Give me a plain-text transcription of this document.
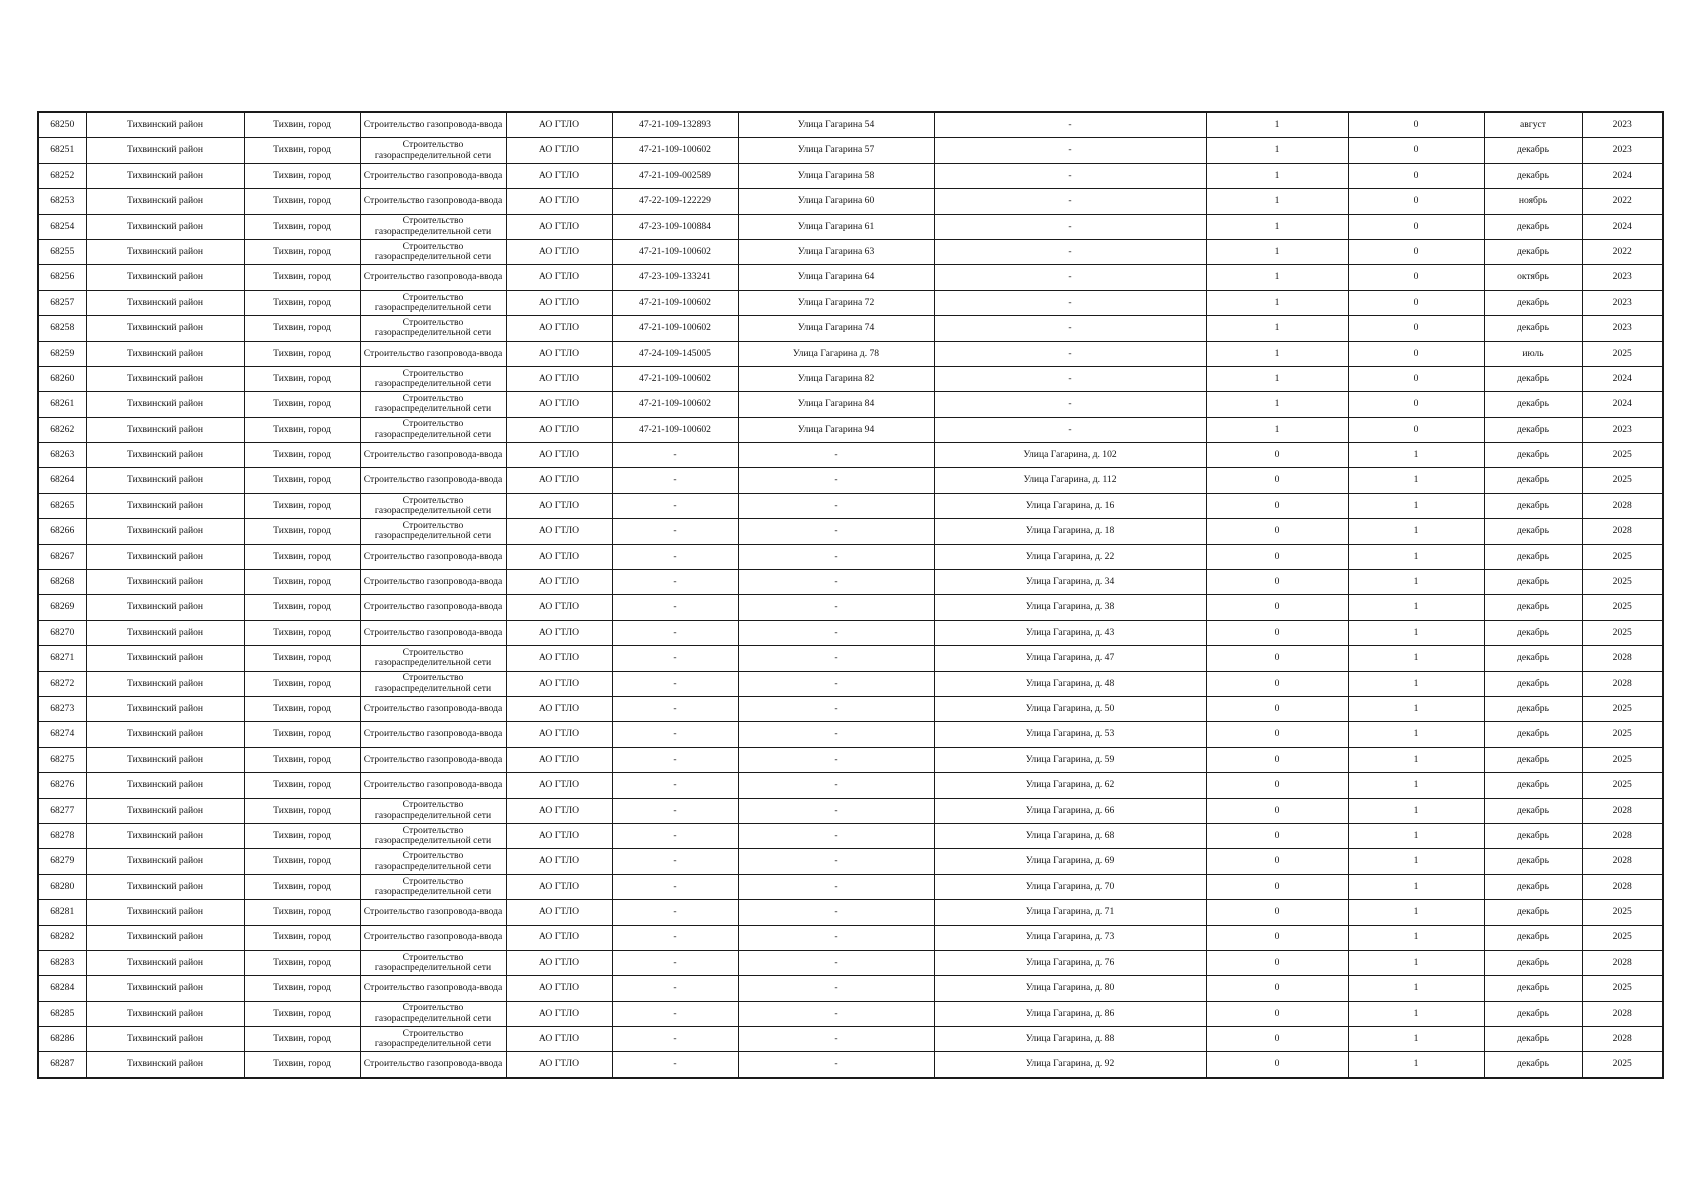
68250	Тихвинский район	Тихвин, город	Строительство газопровода-ввода	АО ГТЛО	47-21-109-132893	Улица Гагарина 54	-	1	0	август	2023
68251	Тихвинский район	Тихвин, город	Строительство газораспределительной сети	АО ГТЛО	47-21-109-100602	Улица Гагарина 57	-	1	0	декабрь	2023
68252	Тихвинский район	Тихвин, город	Строительство газопровода-ввода	АО ГТЛО	47-21-109-002589	Улица Гагарина 58	-	1	0	декабрь	2024
68253	Тихвинский район	Тихвин, город	Строительство газопровода-ввода	АО ГТЛО	47-22-109-122229	Улица Гагарина 60	-	1	0	ноябрь	2022
68254	Тихвинский район	Тихвин, город	Строительство газораспределительной сети	АО ГТЛО	47-23-109-100884	Улица Гагарина 61	-	1	0	декабрь	2024
68255	Тихвинский район	Тихвин, город	Строительство газораспределительной сети	АО ГТЛО	47-21-109-100602	Улица Гагарина 63	-	1	0	декабрь	2022
68256	Тихвинский район	Тихвин, город	Строительство газопровода-ввода	АО ГТЛО	47-23-109-133241	Улица Гагарина 64	-	1	0	октябрь	2023
68257	Тихвинский район	Тихвин, город	Строительство газораспределительной сети	АО ГТЛО	47-21-109-100602	Улица Гагарина 72	-	1	0	декабрь	2023
68258	Тихвинский район	Тихвин, город	Строительство газораспределительной сети	АО ГТЛО	47-21-109-100602	Улица Гагарина 74	-	1	0	декабрь	2023
68259	Тихвинский район	Тихвин, город	Строительство газопровода-ввода	АО ГТЛО	47-24-109-145005	Улица Гагарина д. 78	-	1	0	июль	2025
68260	Тихвинский район	Тихвин, город	Строительство газораспределительной сети	АО ГТЛО	47-21-109-100602	Улица Гагарина 82	-	1	0	декабрь	2024
68261	Тихвинский район	Тихвин, город	Строительство газораспределительной сети	АО ГТЛО	47-21-109-100602	Улица Гагарина 84	-	1	0	декабрь	2024
68262	Тихвинский район	Тихвин, город	Строительство газораспределительной сети	АО ГТЛО	47-21-109-100602	Улица Гагарина 94	-	1	0	декабрь	2023
68263	Тихвинский район	Тихвин, город	Строительство газопровода-ввода	АО ГТЛО	-	-	Улица Гагарина, д. 102	0	1	декабрь	2025
68264	Тихвинский район	Тихвин, город	Строительство газопровода-ввода	АО ГТЛО	-	-	Улица Гагарина, д. 112	0	1	декабрь	2025
68265	Тихвинский район	Тихвин, город	Строительство газораспределительной сети	АО ГТЛО	-	-	Улица Гагарина, д. 16	0	1	декабрь	2028
68266	Тихвинский район	Тихвин, город	Строительство газораспределительной сети	АО ГТЛО	-	-	Улица Гагарина, д. 18	0	1	декабрь	2028
68267	Тихвинский район	Тихвин, город	Строительство газопровода-ввода	АО ГТЛО	-	-	Улица Гагарина, д. 22	0	1	декабрь	2025
68268	Тихвинский район	Тихвин, город	Строительство газопровода-ввода	АО ГТЛО	-	-	Улица Гагарина, д. 34	0	1	декабрь	2025
68269	Тихвинский район	Тихвин, город	Строительство газопровода-ввода	АО ГТЛО	-	-	Улица Гагарина, д. 38	0	1	декабрь	2025
68270	Тихвинский район	Тихвин, город	Строительство газопровода-ввода	АО ГТЛО	-	-	Улица Гагарина, д. 43	0	1	декабрь	2025
68271	Тихвинский район	Тихвин, город	Строительство газораспределительной сети	АО ГТЛО	-	-	Улица Гагарина, д. 47	0	1	декабрь	2028
68272	Тихвинский район	Тихвин, город	Строительство газораспределительной сети	АО ГТЛО	-	-	Улица Гагарина, д. 48	0	1	декабрь	2028
68273	Тихвинский район	Тихвин, город	Строительство газопровода-ввода	АО ГТЛО	-	-	Улица Гагарина, д. 50	0	1	декабрь	2025
68274	Тихвинский район	Тихвин, город	Строительство газопровода-ввода	АО ГТЛО	-	-	Улица Гагарина, д. 53	0	1	декабрь	2025
68275	Тихвинский район	Тихвин, город	Строительство газопровода-ввода	АО ГТЛО	-	-	Улица Гагарина, д. 59	0	1	декабрь	2025
68276	Тихвинский район	Тихвин, город	Строительство газопровода-ввода	АО ГТЛО	-	-	Улица Гагарина, д. 62	0	1	декабрь	2025
68277	Тихвинский район	Тихвин, город	Строительство газораспределительной сети	АО ГТЛО	-	-	Улица Гагарина, д. 66	0	1	декабрь	2028
68278	Тихвинский район	Тихвин, город	Строительство газораспределительной сети	АО ГТЛО	-	-	Улица Гагарина, д. 68	0	1	декабрь	2028
68279	Тихвинский район	Тихвин, город	Строительство газораспределительной сети	АО ГТЛО	-	-	Улица Гагарина, д. 69	0	1	декабрь	2028
68280	Тихвинский район	Тихвин, город	Строительство газораспределительной сети	АО ГТЛО	-	-	Улица Гагарина, д. 70	0	1	декабрь	2028
68281	Тихвинский район	Тихвин, город	Строительство газопровода-ввода	АО ГТЛО	-	-	Улица Гагарина, д. 71	0	1	декабрь	2025
68282	Тихвинский район	Тихвин, город	Строительство газопровода-ввода	АО ГТЛО	-	-	Улица Гагарина, д. 73	0	1	декабрь	2025
68283	Тихвинский район	Тихвин, город	Строительство газораспределительной сети	АО ГТЛО	-	-	Улица Гагарина, д. 76	0	1	декабрь	2028
68284	Тихвинский район	Тихвин, город	Строительство газопровода-ввода	АО ГТЛО	-	-	Улица Гагарина, д. 80	0	1	декабрь	2025
68285	Тихвинский район	Тихвин, город	Строительство газораспределительной сети	АО ГТЛО	-	-	Улица Гагарина, д. 86	0	1	декабрь	2028
68286	Тихвинский район	Тихвин, город	Строительство газораспределительной сети	АО ГТЛО	-	-	Улица Гагарина, д. 88	0	1	декабрь	2028
68287	Тихвинский район	Тихвин, город	Строительство газопровода-ввода	АО ГТЛО	-	-	Улица Гагарина, д. 92	0	1	декабрь	2025
